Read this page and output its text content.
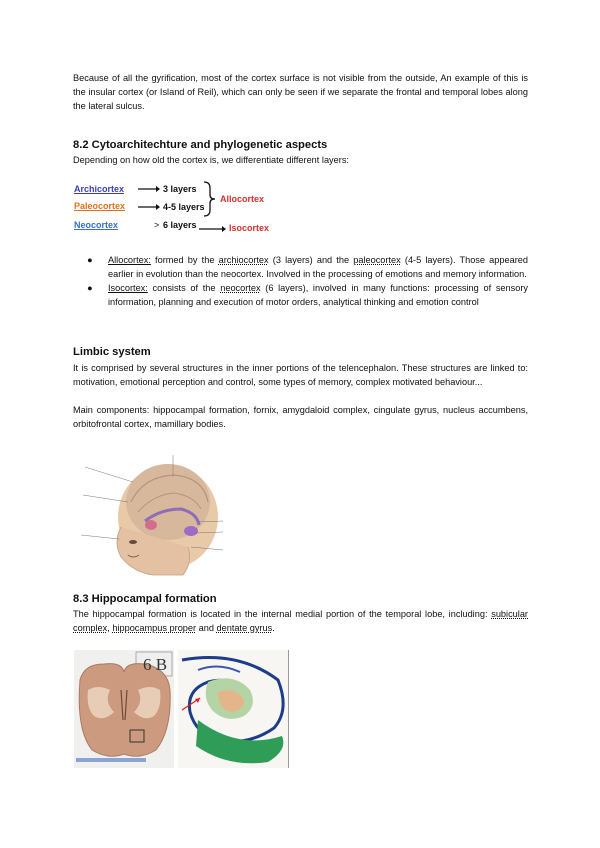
Because of all the gyrification, most of the cortex surface is not visible from the outside, An example of this is the insular cortex (or Island of Reil), which can only be seen if we separate the frontal and temporal lobes along the lateral sulcus.
8.2 Cytoarchitechture and phylogenetic aspects
Depending on how old the cortex is, we differentiate different layers:
Archicortex
Paleocortex
Neocortex
3 layers
4-5 layers
> 6 layers
Allocortex
Isocortex
● Allocortex: formed by the archiocortex (3 layers) and the paleocortex (4-5 layers). Those appeared earlier in evolution than the neocortex. Involved in the processing of emotions and memory information.
● Isocortex: consists of the neocortex (6 layers), involved in many functions: processing of sensory information, planning and execution of motor orders, analytical thinking and emotion control
Limbic system
It is comprised by several structures in the inner portions of the telencephalon. These structures are linked to: motivation, emotional perception and control, some types of memory, complex motivated behaviour...
Main components: hippocampal formation, fornix, amygdaloid complex, cingulate gyrus, nucleus accumbens, orbitofrontal cortex, mamillary bodies.
8.3 Hippocampal formation
The hippocampal formation is located in the internal medial portion of the temporal lobe, including: subicular complex, hippocampus proper and dentate gyrus.
6 B
